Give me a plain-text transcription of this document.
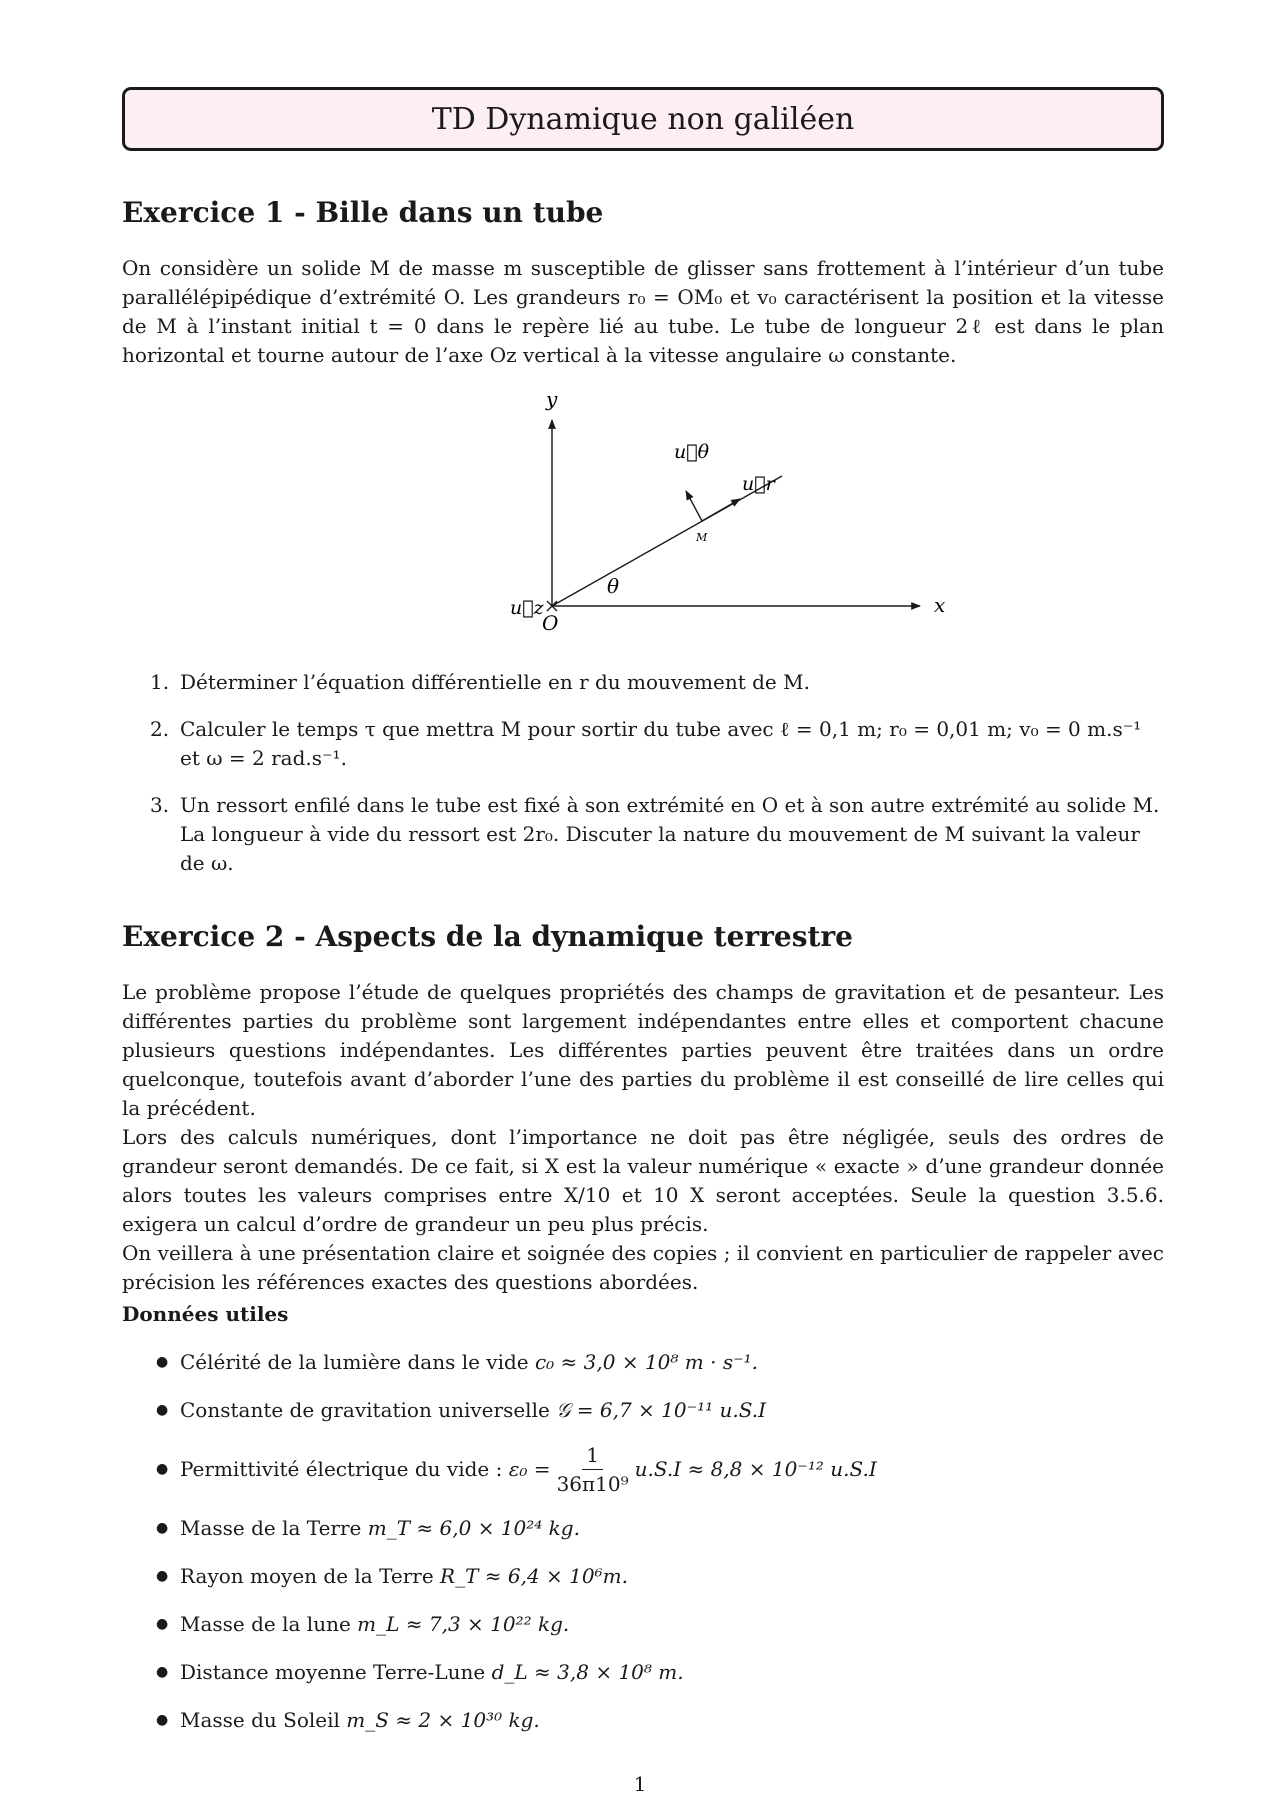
TD Dynamique non galiléen
Exercice 1 - Bille dans un tube

On considère un solide M de masse m susceptible de glisser sans frottement à l’intérieur d’un tube parallélépipédique d’extrémité O. Les grandeurs r₀ = OM₀ et v₀ caractérisent la position et la vitesse de M à l’instant initial t = 0 dans le repère lié au tube. Le tube de longueur 2ℓ est dans le plan horizontal et tourne autour de l’axe Oz vertical à la vitesse angulaire ω constante.

y
x
O
u⃗z
u⃗r
u⃗θ
M
θ
1. Déterminer l’équation différentielle en r du mouvement de M.
2. Calculer le temps τ que mettra M pour sortir du tube avec ℓ = 0,1 m; r₀ = 0,01 m; v₀ = 0 m.s⁻¹ et ω = 2 rad.s⁻¹.
3. Un ressort enfilé dans le tube est fixé à son extrémité en O et à son autre extrémité au solide M. La longueur à vide du ressort est 2r₀. Discuter la nature du mouvement de M suivant la valeur de ω.
Exercice 2 - Aspects de la dynamique terrestre

Le problème propose l’étude de quelques propriétés des champs de gravitation et de pesanteur. Les différentes parties du problème sont largement indépendantes entre elles et comportent chacune plusieurs questions indépendantes. Les différentes parties peuvent être traitées dans un ordre quelconque, toutefois avant d’aborder l’une des parties du problème il est conseillé de lire celles qui la précédent.

Lors des calculs numériques, dont l’importance ne doit pas être négligée, seuls des ordres de grandeur seront demandés. De ce fait, si X est la valeur numérique « exacte » d’une grandeur donnée alors toutes les valeurs comprises entre X/10 et 10 X seront acceptées. Seule la question 3.5.6. exigera un calcul d’ordre de grandeur un peu plus précis.

On veillera à une présentation claire et soignée des copies ; il convient en particulier de rappeler avec précision les références exactes des questions abordées.

Données utiles
● Célérité de la lumière dans le vide
c₀ ≈ 3,0 × 10⁸ m · s⁻¹.
● Constante de gravitation universelle
𝒢 = 6,7 × 10⁻¹¹ u.S.I
● Permittivité électrique du vide :
$\varepsilon_0 = \frac{1}{\text{36π10⁹}} u.S.I \approx 8,8 \times 10^{-12}$ u.S.I
● Masse de la Terre
m_T ≈ 6,0 × 10²⁴ kg.
● Rayon moyen de la Terre
R_T ≈ 6,4 × 10⁶m.
● Masse de la lune
m_L ≈ 7,3 × 10²² kg.
● Distance moyenne Terre-Lune
d_L ≈ 3,8 × 10⁸ m.
● Masse du Soleil
m_S ≈ 2 × 10³⁰ kg.
1
